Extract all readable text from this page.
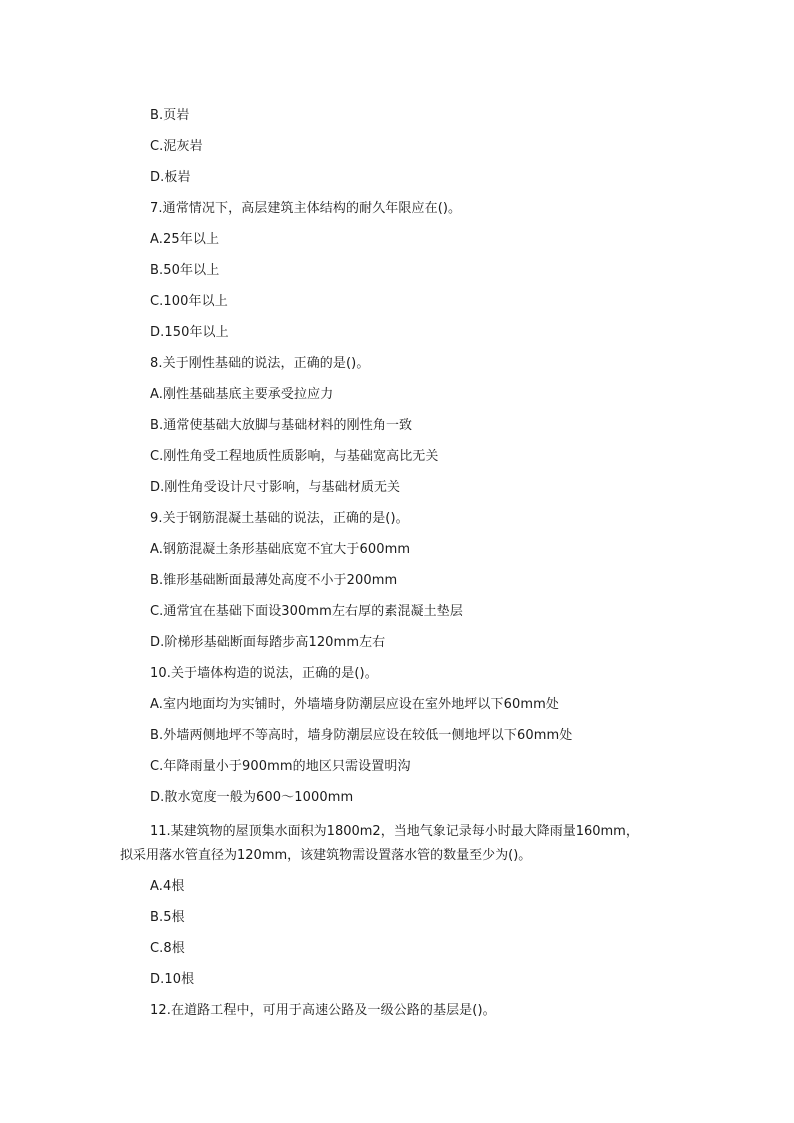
B.页岩
C.泥灰岩
D.板岩
7.通常情况下，高层建筑主体结构的耐久年限应在()。
A.25年以上
B.50年以上
C.100年以上
D.150年以上
8.关于刚性基础的说法，正确的是()。
A.刚性基础基底主要承受拉应力
B.通常使基础大放脚与基础材料的刚性角一致
C.刚性角受工程地质性质影响，与基础宽高比无关
D.刚性角受设计尺寸影响，与基础材质无关
9.关于钢筋混凝土基础的说法，正确的是()。
A.钢筋混凝土条形基础底宽不宜大于600mm
B.锥形基础断面最薄处高度不小于200mm
C.通常宜在基础下面设300mm左右厚的素混凝土垫层
D.阶梯形基础断面每踏步高120mm左右
10.关于墙体构造的说法，正确的是()。
A.室内地面均为实铺时，外墙墙身防潮层应设在室外地坪以下60mm处
B.外墙两侧地坪不等高时，墙身防潮层应设在较低一侧地坪以下60mm处
C.年降雨量小于900mm的地区只需设置明沟
D.散水宽度一般为600～1000mm
11.某建筑物的屋顶集水面积为1800m2，当地气象记录每小时最大降雨量160mm，拟采用落水管直径为120mm，该建筑物需设置落水管的数量至少为()。
A.4根
B.5根
C.8根
D.10根
12.在道路工程中，可用于高速公路及一级公路的基层是()。
